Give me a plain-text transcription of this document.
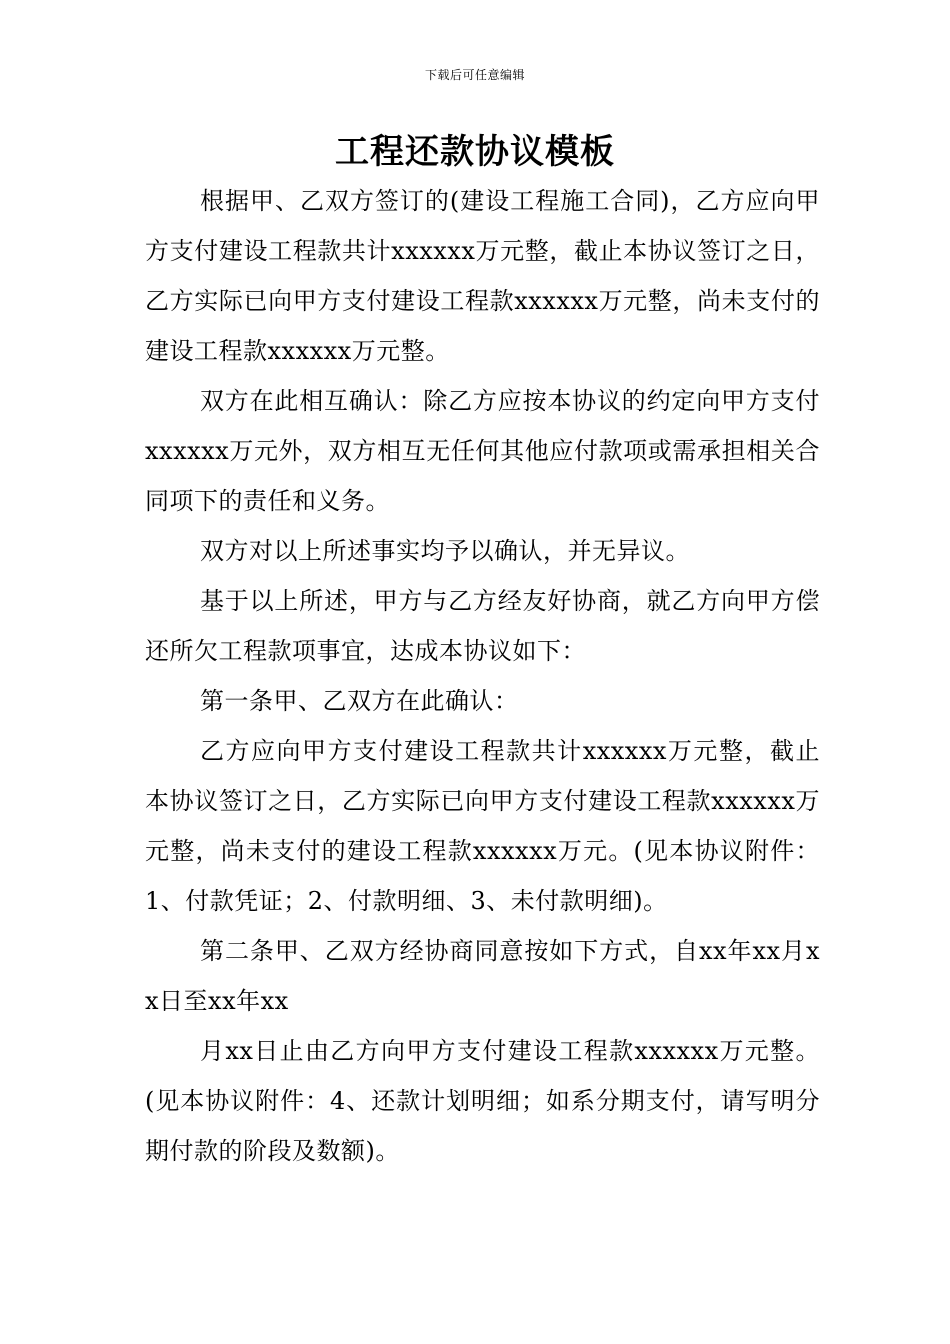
下载后可任意编辑
工程还款协议模板

根据甲、乙双方签订的(建设工程施工合同)，乙方应向甲方支付建设工程款共计xxxxxx万元整，截止本协议签订之日，乙方实际已向甲方支付建设工程款xxxxxx万元整，尚未支付的建设工程款xxxxxx万元整。

双方在此相互确认：除乙方应按本协议的约定向甲方支付xxxxxx万元外，双方相互无任何其他应付款项或需承担相关合同项下的责任和义务。

双方对以上所述事实均予以确认，并无异议。

基于以上所述，甲方与乙方经友好协商，就乙方向甲方偿还所欠工程款项事宜，达成本协议如下：

第一条甲、乙双方在此确认：

乙方应向甲方支付建设工程款共计xxxxxx万元整，截止本协议签订之日，乙方实际已向甲方支付建设工程款xxxxxx万元整，尚未支付的建设工程款xxxxxx万元。(见本协议附件：1、付款凭证；2、付款明细、3、未付款明细)。

第二条甲、乙双方经协商同意按如下方式，自xx年xx月xx日至xx年xx

月xx日止由乙方向甲方支付建设工程款xxxxxx万元整。(见本协议附件：4、还款计划明细；如系分期支付，请写明分期付款的阶段及数额)。
